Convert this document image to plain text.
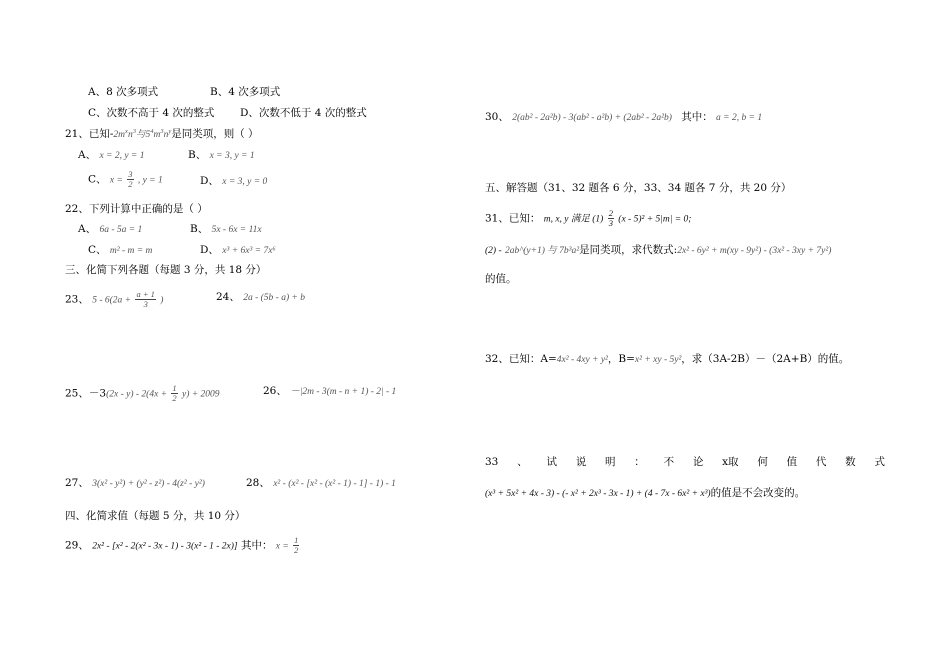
A、8 次多项式	B、4 次多项式
C、次数不高于 4 次的整式 D、次数不低于 4 次的整式
21、已知$-2m^xn^3$与$5^4m^3n^y$是同类项，则（ ）
A、 x = 2, y = 1	B、 x = 3, y = 1
C、 $x = \frac{3}{2}$ , y = 1	D、 x = 3, y = 0
22、下列计算中正确的是（ ）
A、 6a - 5a = 1	B、 5x - 6x = 11x
C、 m² - m = m	D、 x³ + 6x³ = 7x⁶
三、化简下列各题（每题 3 分，共 18 分）
23、 $5 - 6(2a + \frac{a + 1}{3}$ )	24、 2a - (5b - a) + b
25、$-3(2x - y) - 2(4x + \frac{1}{2} y) + 2009$	26、 －|2m - 3(m - n + 1) - 2| - 1
27、 3(x² - y²) + (y² - z²) - 4(z² - y²)	28、 x² - (x² - [x² - (x² - 1) - 1] - 1) - 1
四、化简求值（每题 5 分，共 10 分）
29、 2x² - [x² - 2(x² - 3x - 1) - 3(x² - 1 - 2x)] 其中： $x = \frac{1}{2}$
30、 2(ab² - 2a²b) - 3(ab² - a²b) + (2ab² - 2a²b) 其中： a = 2, b = 1
五、解答题（31、32 题各 6 分，33、34 题各 7 分，共 20 分）
31、已知： m, x, y 满足 $(1) \frac{2}{3} (x - 5)^2 + 5|m| = 0$;
(2) - 2ab^(y+1) 与 7b³a²是同类项，求代数式:2x² - 6y² + m(xy - 9y²) - (3x² - 3xy + 7y²)
的值。
32、已知：A=4x² - 4xy + y²，B=x² + xy - 5y²，求（3A-2B）－（2A+B）的值。
33 、 试 说 明 ： 不 论 x取 何 值 代 数 式
(x³ + 5x² + 4x - 3) - (- x² + 2x³ - 3x - 1) + (4 - 7x - 6x² + x³)的值是不会改变的。
